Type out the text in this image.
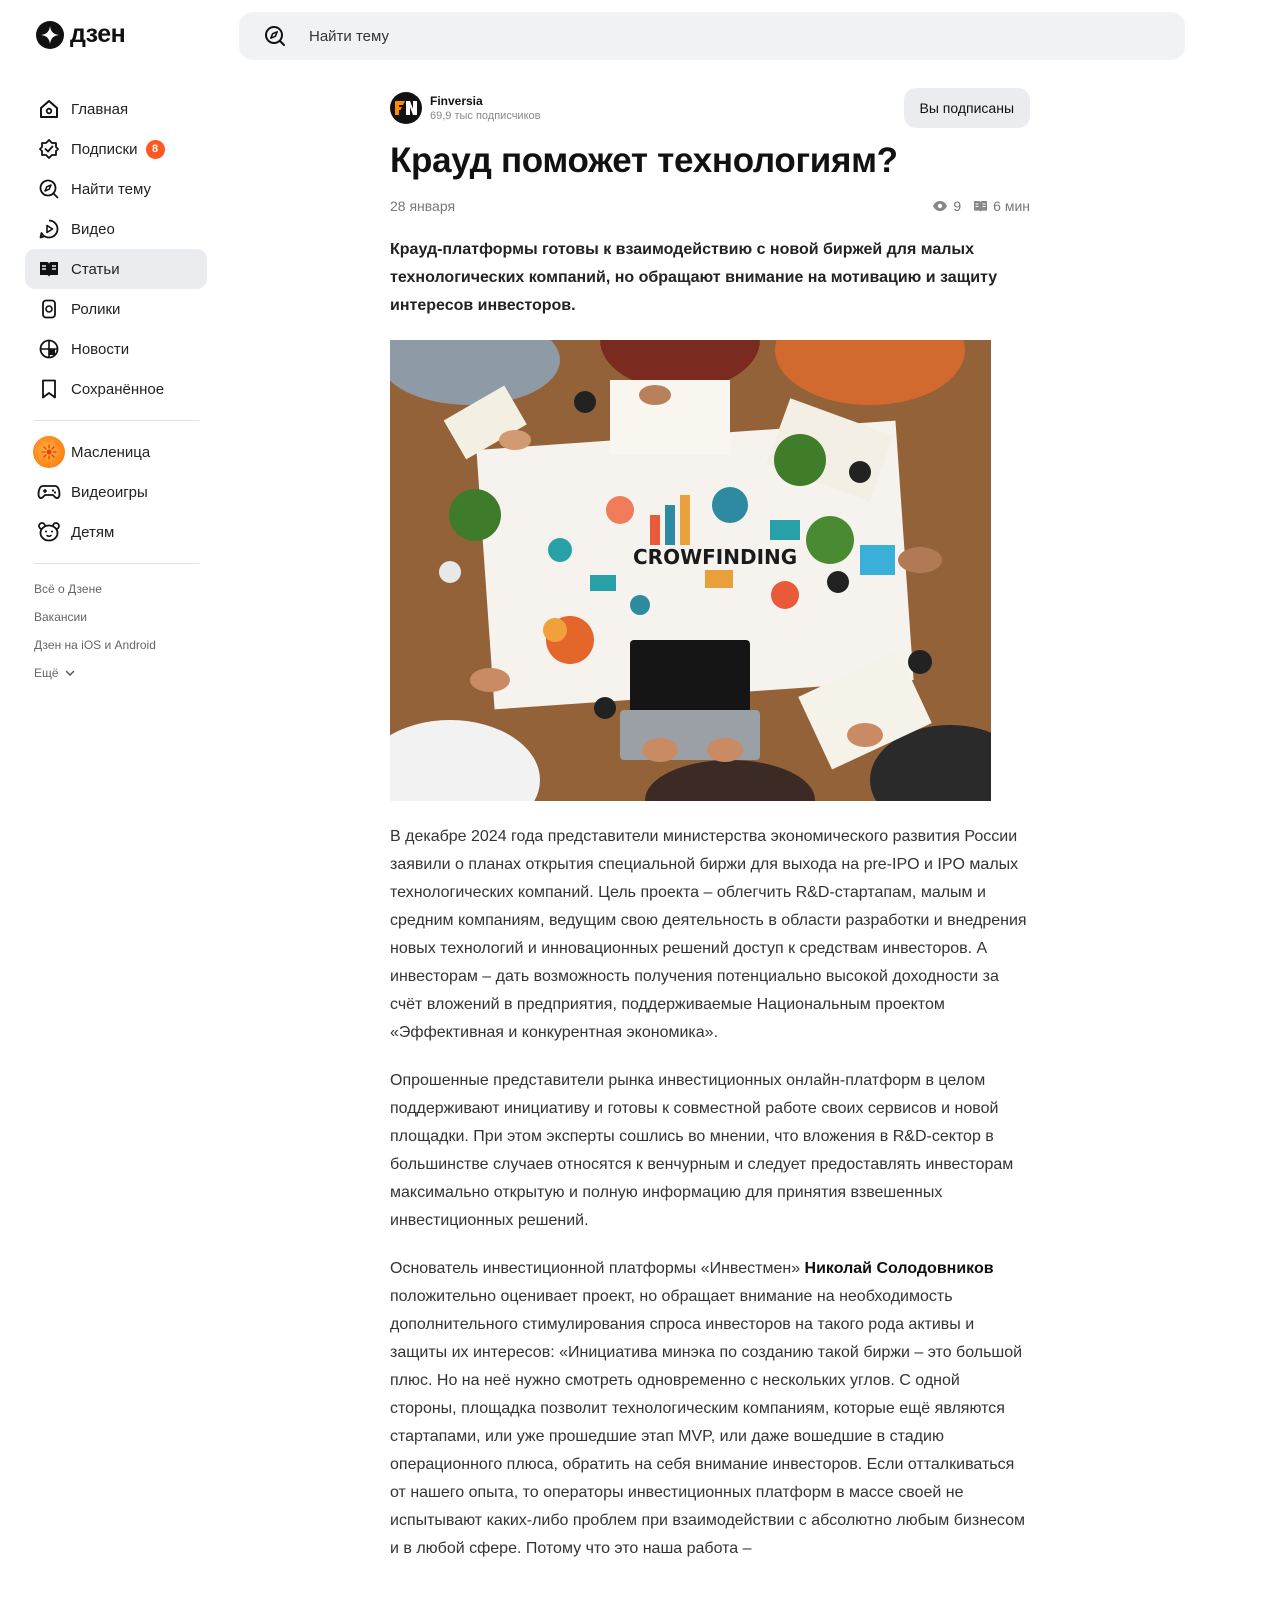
дзен	Найти тему
Главная
Подписки	8
Найти тему
Видео
Статьи
Ролики
Новости
Сохранённое
Масленица
Видеоигры
Детям
Всё о Дзене
Вакансии
Дзен на iOS и Android
Ещё
Finversia
69,9 тыс подписчиков	Вы подписаны
Крауд поможет технологиям?
28 января	9 6 мин

Крауд-платформы готовы к взаимодействию с новой биржей для малых технологических компаний, но обращают внимание на мотивацию и защиту интересов инвесторов.

CROWFINDING

В декабре 2024 года представители министерства экономического развития России заявили о планах открытия специальной биржи для выхода на pre-IPO и IPO малых технологических компаний. Цель проекта – облегчить R&D-стартапам, малым и средним компаниям, ведущим свою деятельность в области разработки и внедрения новых технологий и инновационных решений доступ к средствам инвесторов. А инвесторам – дать возможность получения потенциально высокой доходности за счёт вложений в предприятия, поддерживаемые Национальным проектом «Эффективная и конкурентная экономика».

Опрошенные представители рынка инвестиционных онлайн-платформ в целом поддерживают инициативу и готовы к совместной работе своих сервисов и новой площадки. При этом эксперты сошлись во мнении, что вложения в R&D-сектор в большинстве случаев относятся к венчурным и следует предоставлять инвесторам максимально открытую и полную информацию для принятия взвешенных инвестиционных решений.

Основатель инвестиционной платформы «Инвестмен» Николай Солодовников положительно оценивает проект, но обращает внимание на необходимость дополнительного стимулирования спроса инвесторов на такого рода активы и защиты их интересов: «Инициатива минэка по созданию такой биржи – это большой плюс. Но на неё нужно смотреть одновременно с нескольких углов. С одной стороны, площадка позволит технологическим компаниям, которые ещё являются стартапами, или уже прошедшие этап MVP, или даже вошедшие в стадию операционного плюса, обратить на себя внимание инвесторов. Если отталкиваться от нашего опыта, то операторы инвестиционных платформ в массе своей не испытывают каких-либо проблем при взаимодействии с абсолютно любым бизнесом и в любой сфере. Потому что это наша работа –
